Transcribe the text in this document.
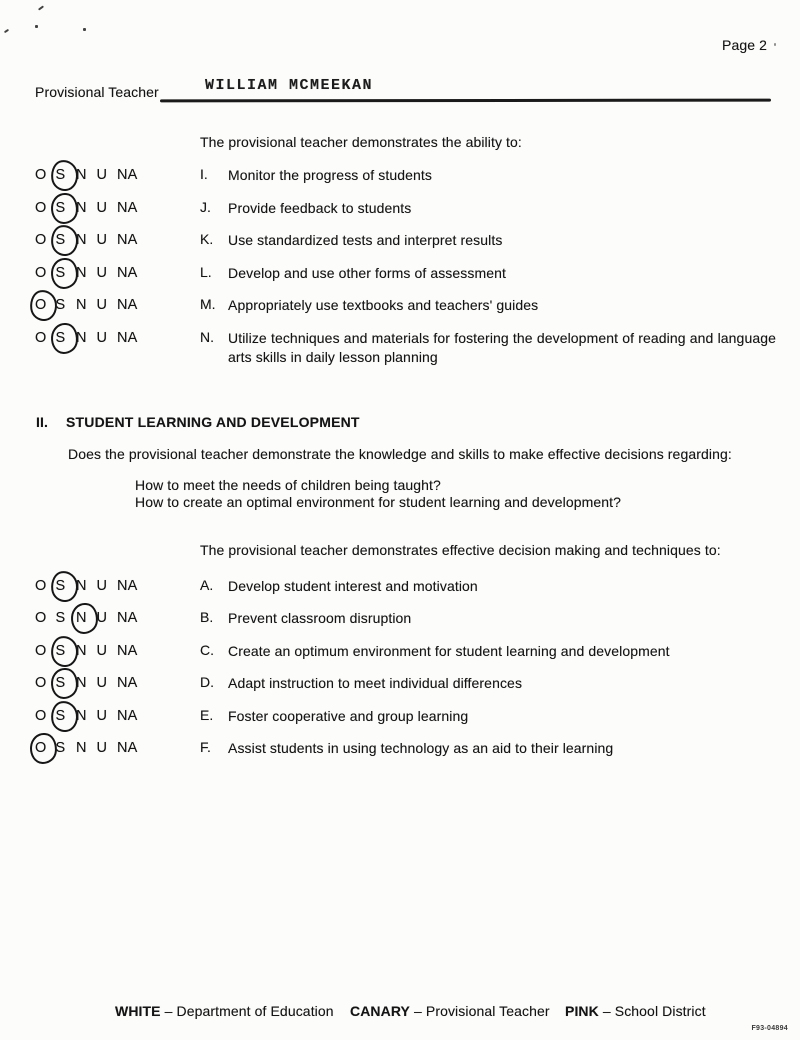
Page 2
Provisional Teacher	WILLIAM MCMEEKAN
The provisional teacher demonstrates the ability to:
O S N U NA	I. Monitor the progress of students
O S N U NA	J. Provide feedback to students
O S N U NA	K. Use standardized tests and interpret results
O S N U NA	L. Develop and use other forms of assessment
O S N U NA	M. Appropriately use textbooks and teachers' guides
O S N U NA	N. Utilize techniques and materials for fostering the development of reading and language arts skills in daily lesson planning
II. STUDENT LEARNING AND DEVELOPMENT
Does the provisional teacher demonstrate the knowledge and skills to make effective decisions regarding:
How to meet the needs of children being taught?
How to create an optimal environment for student learning and development?
The provisional teacher demonstrates effective decision making and techniques to:
O S N U NA	A. Develop student interest and motivation
O S N U NA	B. Prevent classroom disruption
O S N U NA	C. Create an optimum environment for student learning and development
O S N U NA	D. Adapt instruction to meet individual differences
O S N U NA	E. Foster cooperative and group learning
O S N U NA	F. Assist students in using technology as an aid to their learning
WHITE – Department of Education CANARY – Provisional Teacher PINK – School District
F93-04894
